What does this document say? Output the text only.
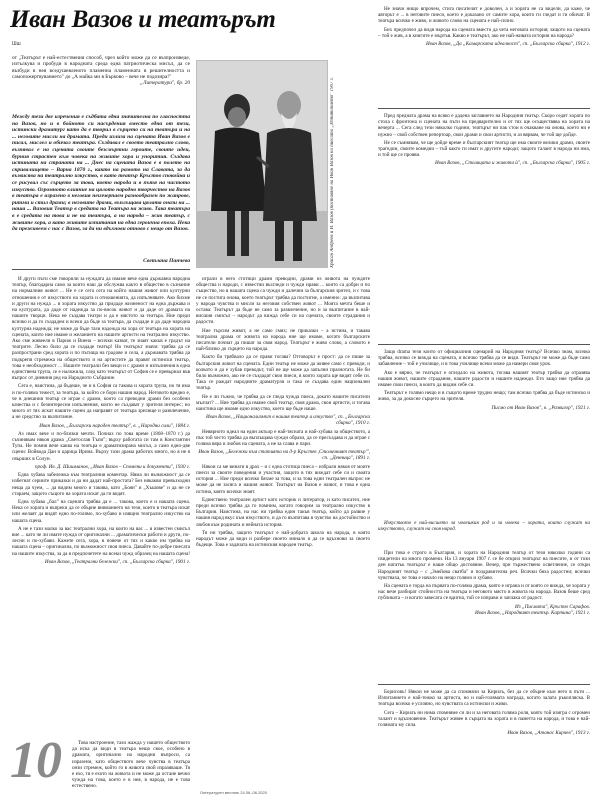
Иван Вазов и театърът
Шш
от „Театърът е най-естествения способ, чрез който може да се възпроизведе, изтълкува и пробуди в народната среда една патриотическа мисъл, да се възбуди в нея вседушевленото пламенна пламенната в решителността и самопожертвуванието" до „А майка ми в Бърково – вече не подозира!"
„Литература", бр. 20
Между тези две изречения е съдбата една значителна по гласността на Вазов, но и в бойното си насърдения вместо една от тези, истински драматург като да е творил в сърцето си на театъра и на ... неговите мисли на драмата. Преди излиза на сцената Иван Вазов е писал, мислел и обичал театъра. Създавал е своето театрално слово, възпявал е на сцената своите безсмъртни героите, своите идеи, бурния страстен към човека на живите хора и упорития. Създава истината на страната на ... Днес на сцената Вазов е в полето на скривалището – Варна 1870 г., както на рамото на Славата, за да възвисява на театрално изкуство, в като театър Кръстов спокойна и се рисувал със сърцето за това, което народа и в пътя на чистото изкуство. Огромното влияние на цялото народно творчество на Вазов в театъра е изразено в неговия неизчерпаем разнообразен по жанрове, ритми и стил драми; в неговите драми, въплъщава цялата онази на ... наша ... Вазовия Театър в средата на Театъра на живо. Така театъра в е средата на това и не на театъра, а на народа – жив театър, с живите хора, а като живите изпитания на една героична епоха. Нека да преживеем с нас с Вазов, за да ни вдъхнови отново с нещо от Вазов.
Светлана Панчева	Хрисан Андреев и И. Вазов (поставяне на Иван Вазов на пиесата „Изпитанието" 1907 г.

И други пъти сме говорили за нуждата да имаме вече една държавна народна театър, благодарна само за които наш да обслужва както в общество в съзнание на нормалния живот ... Не е се сега сега на който нашия живот или културни отношения е от изкуството на хората и отношенията, да изпълнявате. Ако бихме и други на нужда ... в хората изкуство да придаде жизненост на една държава и на културата, да даде от надежда за по-висок живот и да даде от драмата на нашите творци. Нека не създава театри и да е мястото за театъра. Ние преди всичко и да го създадем и всеки да бъде за театъра, да създаде и да даде народна културна надежда; не може да бъде тази надежда на хора от театъра на хората на сцената, които ние имаме и желанието на нашите артисти на театрално изкуство. Ако сме живеели в Париж и Виена – всички казват, те знаят какъв е градът на театрите. Лесно било да се създаде театър! Но театърът значи: трябва да се разпространи сред хората и по пътища на градове и села, а държавата трябва да подкрепя стремежа на обществото и на артистите да правят истински театър, това е необходимост ... Нашите театрали без вещи и с драми и изпълнения в една единствена трупа, се е наложила, след като театърът от София се е превърнал във въпрос от дневния ред на Народното Събрание.

Сега е, наистина, да бъдеше, че и в София са такова и хората трупа, но тя има и по-голяма тежест, за театъра, за който се бори нашия народ. Неговото вредно е, че в днешния театър се играе с драми, които са преводни драми без особени качества и с безинтересни изпълнения, които не създават у зрителя интерес; но много от тях искат нашите сцени да направят от театъра зрелище и развлечение, а не средство за възпитание.

Иван Вазов, „Български народен театър", в. „Народни сили", 1884 г.

Аз имах вече и по-близки мечти. Почнах по това време (1868–1870 г.) да съчинявам някоя драма „Светослав Тъпи"; върху работата си там в Константин Тупа. Не помня вече каква на театъра е драматизирана мисъл, а само едно-две сцени: Войвода Дан и царица Ирина. Върху тази драма работих много, но я не я свърших в Солун.

проф. Ив. Д. Шишманов, „Иван Вазов – Спомени и документи", 1930 г.

Една хубава забележка към театралния коментар. Няма ли възможност да се избегнат сериите приказки и да ни дадат най-простата? Без някакви превъзходни неща да чуем, ... да видим много и такива, като „Боян" и „Хъшове" и да не се стараем, защото същото на хората искат да ги видят.

Една хубава „бал" на сцената трябва да е ... такова, което е и нашата сцена. Нека се хората и въпреки да се обърне вниманието на тези, които в театъра искат или желаят да видят едно по-голямо, по-хубаво и изящно театрално изкуство на нашата сцена.

А не е тази малко за вас театрални хора, на които на вас ... в известен смисъл вие ... като че ли имате нужда от оригинални ... драматически работи и други, по-лесни и по-хубави. Кажете сега, хора, в повече от тях и какво им трябва на нашата сцена – оригинална, по възможност своя пиеса. Давайте по-добре пиесата на нашите изкуства, за да я предпочетете на всеки чужд образец на нашата сцена!

Иван Вазов, „Театрални бележки", сп. „Българска сбирка", 1901 г.

Това настроение, тази жажда у нашето обществото да иска да види в театъра нещо свое, особено в драмата, оригинално на народни въпроси, са изразени, като обществото вече чувства в театъра онзи стремеж, който го в живота свой изразяваше. Тя е ехо, тя е ехото на живота и не може да остане вечно чужда на това, което е в нея, в народа, не е това естествено.

играли в него стотици драми преводни, драми из живота на чуждите общества и народи, с известни възгледи и чужди нрави ... които са добри и по същество, но в нашата сцена са чужди и далечни за българския зрител, и с това не се постига онова, което театърът трябва да постигне, а именно: да възпитава у народа чувства и мисли за неговия собствен живот ... Моята мечта беше и остава: Театърът да бъде не само за развлечение, но и за възпитание в най-висшия смисъл – народът да вижда себе си на сцената, своите страдания и радости.

Ние търсим живот, а не само смях; не приказки – а истина, и такава театрална драма от живота на народа ние ще имаме, когато българските писатели почнат да пишат за своя народ. Театърът е живо слово, а словото е най-близко до сърцето на народа.

Както би трябвало да се прави тогава? Отговорът е прост: да се пише за българския живот на сцената. Един театър не може да живее само с преводи, и колкото и да е хубав преводът, той не ще може да запълни празнотата. Не би било възможно, ако не се създадат свои пиеси, в които хората ще видят себе си. Така се раждат народните драматурзи и така се създава един национален театър.

Не е ли тъжно, че трябва да се гледа чужда пиеса, докато нашите писатели мълчат? ... Ние трябва да имаме свой театър, своя драма, свои артисти, и тогава наистина ще имаме едно изкуство, което ще бъде наше.

Иван Вазов, „Национализмът в нашия театър и изкуство", сп. „Българска сбирка", 1910 г.

Невярното идеал на един актьор е най-тясната и най-хубава за обществото, а пък той често трябва да въплъщава чужди образи, да се пресъздава и да играе с голяма вяра и любов на сцената, а не за слава и пари.

Иван Вазов, „Бележки към статията на д-р Кръстев ,Столичният театър'", сп. „Денница", 1891 г.

Някои са ме винаги в драх – и с една стотица пиеса – избрали някоя от моите пиеси за своите поведения и участия, защото в тях виждат себе си и своята история ... Ние преди всичко бяхме за това, и за това един театрален въпрос не може да не засяга и нашия живот. Театърът на Вазов е живот, и това е една истина, която всички знаят.

Единствено театрален артист като историк и литератор, и като писател, ние преди всичко трябва да го помним, когато говорим за театрално изкуство в България. Наистина, на нас ни трябва един такъв театър, който да развие у нашия народ вкус към изкуството, и да го възпитава в чувство на достойнство и любов към родината и нейната история.

Тя ни трябва, защото театърът е най-добрата школа на народа, в която народът може да види и разбере своето минало и да се вдъхнови за своето бъдеще. Това е задачата на истинския народен театър.

Не значи нищо впрочем, стига писателят е доволен, а и хората не са видели, да каже, че авторът е ... в неговите пиеси, което е доказано от самите хора, които ги гледат и ги обичат. В театъра всичко е живо, и живото слово на сцената е най-силно.

Бих предпочел да видя народа на сцената вместо да чета неговата история; защото на сцената – той е жив, а в книгите е мъртъв. Какво е театърът, ако не най-живата история на народа?

Иван Вазов, „Да „Камарската идеалност", сп. „Българска сбирка", 1912 г.

Пред предната драма на всяко е дадена заглавието на Народния театър. Скоро седят хората по стола с фронтона и сцената на пъти на предварително и от тях ще осъществява на хората на вечерта ... Сега след тези няколко години, театърът ни пак стои в очакване на онова, което ни е нужно – свой собствен репертоар, свои драми и свои артисти, и аз вярвам, че той ще дойде.

Не се съмнявам, че ще дойде време и българският театър ще има своите велики драми, своите трагедии, своите комедии – тъй както ги имат и другите народи; защото талант в народа ни има, и той ще се прояви.

Иван Вазов, „Столицата и живота ѝ", сп. „Българска сбирка", 1905 г.

Защо drama тези които от официалния сценарий на Народния театър? Всичко знам, всичко трябва, всичко се вижда на сцената, и всичко трябва да се види. Театърът не може да бъде само забавление – той е училище, и в това училище всеки може да намери своя урок.

Ако е вярно, че театърът е огледало на живота, тогава нашият театър трябва да отразява нашия живот, нашите страдания, нашите радости и нашите надежди. Ето защо ние трябва да имаме свои пиеси, в които да видим себе си.

Театърът е голямо нещо и в същото време трудно нещо; там всичко трябва да бъде истинско и живо, за да докосне сърцето на зрителя.

Писмо от Иван Вазов", в. „Развигор", 1921 г.

Изкуството е най-висшето за човешкия род и за човека – хората, които служат на изкуството, служат на своя народ.

При това е строго в България, и хората на Народния театър от тези няколко години са свидетели на много промени. На 13 януари 1907 г. се бе открил театърът на пиесите, и от този ден нататък театърът е наше общо достояние. Вечер, при тържествено осветление, се откри Народният театър – с „Змейова сватба" и поздравителна реч. Всички бяха радостни; всички чувстваха, че това е начало на нещо голямо и хубаво.

На сцената е горда на първата по-голяма драма, която е играна и от която се вижда, че хората у нас вече разбират стойността на театъра и неговото място в живота на народа. Вазов беше сред публиката – и когато завесата се вдигна, той се изправи и заплака от радост.

Из „Писмата", Кръстю Сарафов.
Иван Вазов, „Народният театър. Картина", 1921 г.

Борисовъ! Някои не може да са спомняли за Кирилъ, без да се обърне към него в пъти ... Изпитанието е най-тежко за артиста, но и най-голямата награда, когато залата ръкопляска. В театъра всичко е условно, но чувствата са истински и живи.

Сега – Кирилъ ни нима спомняме си ли и за неговата голяма роля, която той изигра с огромен талант и вдъхновение. Театърът живее в сърцата на хората и в паметта на народа, и това е най-голямата му сила.

Иван Вазов, „Атанас Кирчев", 1913 г.
10
Литературен вестник 24.06–06.2020
